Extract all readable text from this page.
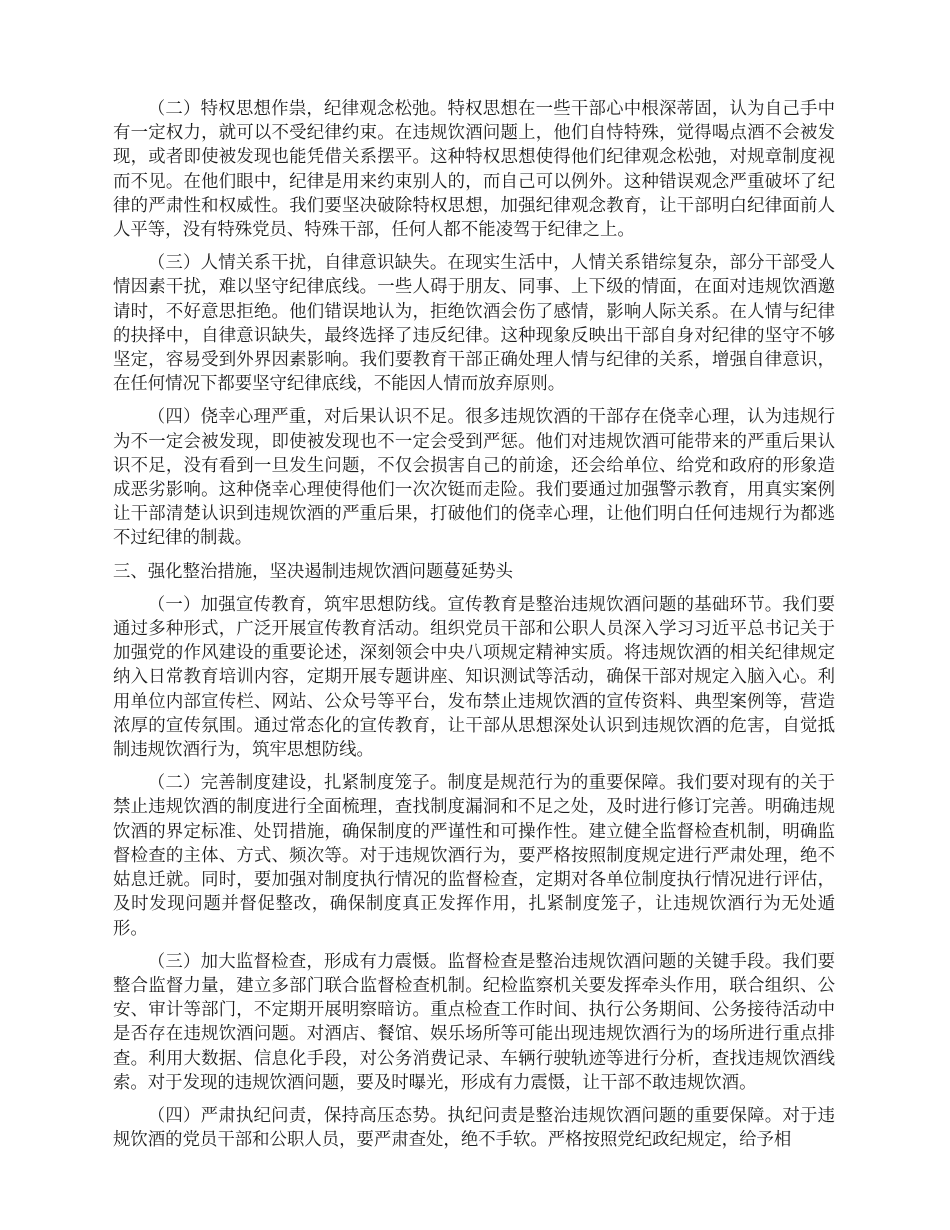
（二）特权思想作祟，纪律观念松弛。特权思想在一些干部心中根深蒂固，认为自己手中有一定权力，就可以不受纪律约束。在违规饮酒问题上，他们自恃特殊，觉得喝点酒不会被发现，或者即使被发现也能凭借关系摆平。这种特权思想使得他们纪律观念松弛，对规章制度视而不见。在他们眼中，纪律是用来约束别人的，而自己可以例外。这种错误观念严重破坏了纪律的严肃性和权威性。我们要坚决破除特权思想，加强纪律观念教育，让干部明白纪律面前人人平等，没有特殊党员、特殊干部，任何人都不能凌驾于纪律之上。

（三）人情关系干扰，自律意识缺失。在现实生活中，人情关系错综复杂，部分干部受人情因素干扰，难以坚守纪律底线。一些人碍于朋友、同事、上下级的情面，在面对违规饮酒邀请时，不好意思拒绝。他们错误地认为，拒绝饮酒会伤了感情，影响人际关系。在人情与纪律的抉择中，自律意识缺失，最终选择了违反纪律。这种现象反映出干部自身对纪律的坚守不够坚定，容易受到外界因素影响。我们要教育干部正确处理人情与纪律的关系，增强自律意识，在任何情况下都要坚守纪律底线，不能因人情而放弃原则。

（四）侥幸心理严重，对后果认识不足。很多违规饮酒的干部存在侥幸心理，认为违规行为不一定会被发现，即使被发现也不一定会受到严惩。他们对违规饮酒可能带来的严重后果认识不足，没有看到一旦发生问题，不仅会损害自己的前途，还会给单位、给党和政府的形象造成恶劣影响。这种侥幸心理使得他们一次次铤而走险。我们要通过加强警示教育，用真实案例让干部清楚认识到违规饮酒的严重后果，打破他们的侥幸心理，让他们明白任何违规行为都逃不过纪律的制裁。

三、强化整治措施，坚决遏制违规饮酒问题蔓延势头

（一）加强宣传教育，筑牢思想防线。宣传教育是整治违规饮酒问题的基础环节。我们要通过多种形式，广泛开展宣传教育活动。组织党员干部和公职人员深入学习习近平总书记关于加强党的作风建设的重要论述，深刻领会中央八项规定精神实质。将违规饮酒的相关纪律规定纳入日常教育培训内容，定期开展专题讲座、知识测试等活动，确保干部对规定入脑入心。利用单位内部宣传栏、网站、公众号等平台，发布禁止违规饮酒的宣传资料、典型案例等，营造浓厚的宣传氛围。通过常态化的宣传教育，让干部从思想深处认识到违规饮酒的危害，自觉抵制违规饮酒行为，筑牢思想防线。

（二）完善制度建设，扎紧制度笼子。制度是规范行为的重要保障。我们要对现有的关于禁止违规饮酒的制度进行全面梳理，查找制度漏洞和不足之处，及时进行修订完善。明确违规饮酒的界定标准、处罚措施，确保制度的严谨性和可操作性。建立健全监督检查机制，明确监督检查的主体、方式、频次等。对于违规饮酒行为，要严格按照制度规定进行严肃处理，绝不姑息迁就。同时，要加强对制度执行情况的监督检查，定期对各单位制度执行情况进行评估，及时发现问题并督促整改，确保制度真正发挥作用，扎紧制度笼子，让违规饮酒行为无处遁形。

（三）加大监督检查，形成有力震慑。监督检查是整治违规饮酒问题的关键手段。我们要整合监督力量，建立多部门联合监督检查机制。纪检监察机关要发挥牵头作用，联合组织、公安、审计等部门，不定期开展明察暗访。重点检查工作时间、执行公务期间、公务接待活动中是否存在违规饮酒问题。对酒店、餐馆、娱乐场所等可能出现违规饮酒行为的场所进行重点排查。利用大数据、信息化手段，对公务消费记录、车辆行驶轨迹等进行分析，查找违规饮酒线索。对于发现的违规饮酒问题，要及时曝光，形成有力震慑，让干部不敢违规饮酒。

（四）严肃执纪问责，保持高压态势。执纪问责是整治违规饮酒问题的重要保障。对于违规饮酒的党员干部和公职人员，要严肃查处，绝不手软。严格按照党纪政纪规定，给予相
